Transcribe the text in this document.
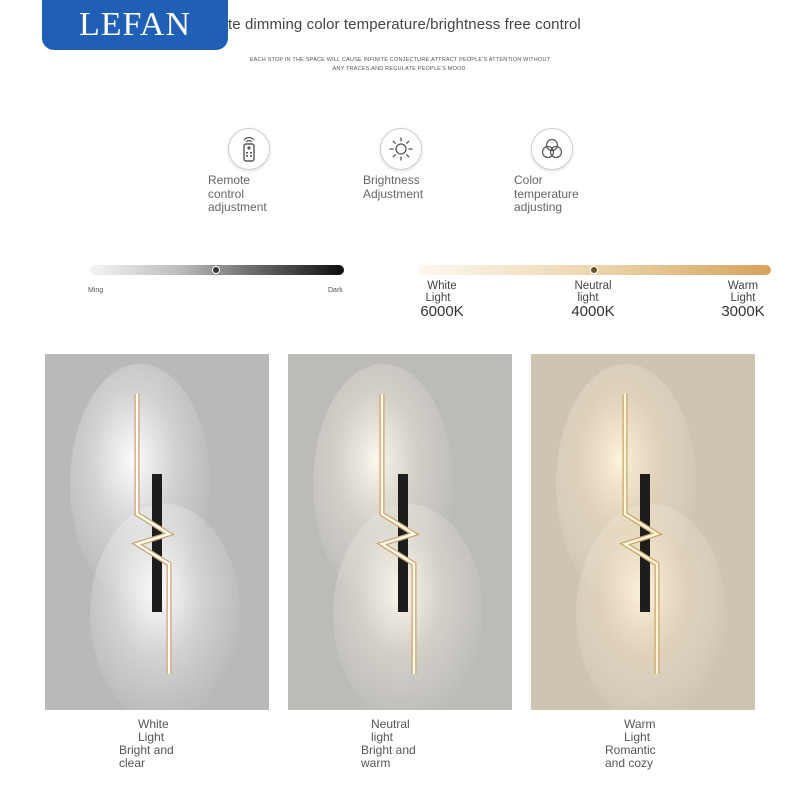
LEFAN te dimming color temperature/brightness free control
EACH STOP IN THE SPACE WILL CAUSE INFINITE CONJECTURE,ATTRACT PEOPLE'S ATTENTION WITHOUT
ANY TRACES,AND REGULATE PEOPLE'S MOOD.
Remote
control
adjustment
Brightness
Adjustment
Color
temperature
adjusting
Ming	Dark	White
Light
6000K
Neutral
light
4000K
Warm
Light
3000K
White
Light
Bright and
clear
Neutral
light
Bright and
warm
Warm
Light
Romantic
and cozy
